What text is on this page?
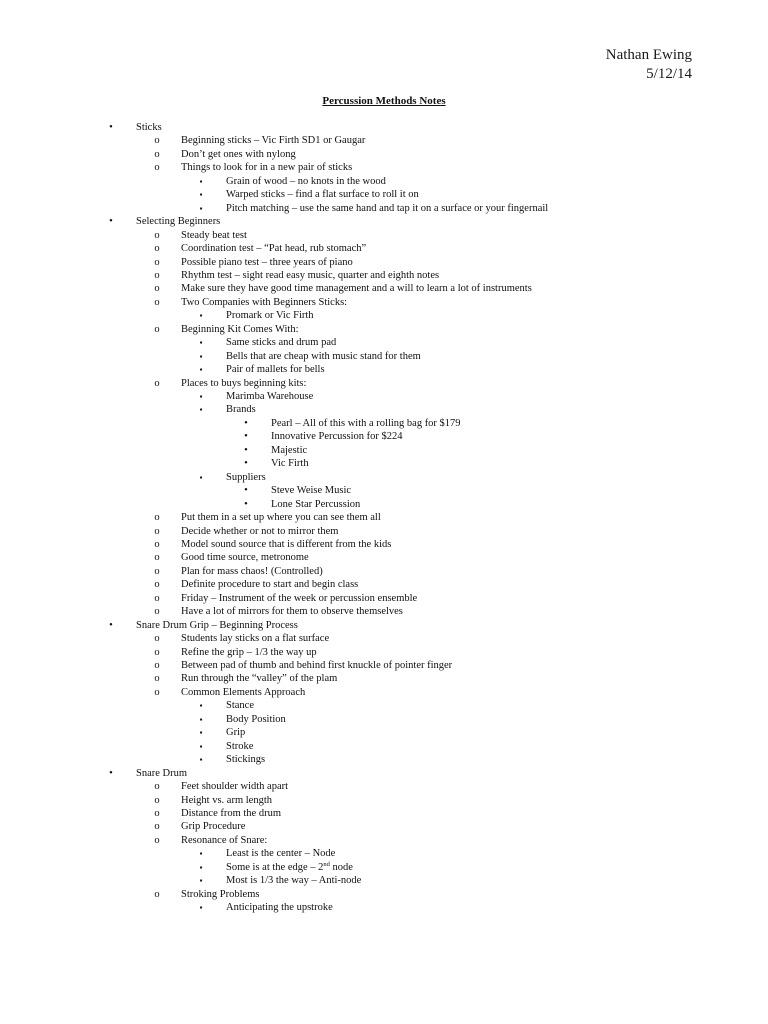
Nathan Ewing
5/12/14
Percussion Methods Notes
•	Sticks
o	Beginning sticks – Vic Firth SD1 or Gaugar
o	Don’t get ones with nylong
o	Things to look for in a new pair of sticks
▪	Grain of wood – no knots in the wood
▪	Warped sticks – find a flat surface to roll it on
▪	Pitch matching – use the same hand and tap it on a surface or your fingernail
•	Selecting Beginners
o	Steady beat test
o	Coordination test – “Pat head, rub stomach”
o	Possible piano test – three years of piano
o	Rhythm test – sight read easy music, quarter and eighth notes
o	Make sure they have good time management and a will to learn a lot of instruments
o	Two Companies with Beginners Sticks:
▪	Promark or Vic Firth
o	Beginning Kit Comes With:
▪	Same sticks and drum pad
▪	Bells that are cheap with music stand for them
▪	Pair of mallets for bells
o	Places to buys beginning kits:
▪	Marimba Warehouse
▪	Brands
•	Pearl – All of this with a rolling bag for $179
•	Innovative Percussion for $224
•	Majestic
•	Vic Firth
▪	Suppliers
•	Steve Weise Music
•	Lone Star Percussion
o	Put them in a set up where you can see them all
o	Decide whether or not to mirror them
o	Model sound source that is different from the kids
o	Good time source, metronome
o	Plan for mass chaos! (Controlled)
o	Definite procedure to start and begin class
o	Friday – Instrument of the week or percussion ensemble
o	Have a lot of mirrors for them to observe themselves
•	Snare Drum Grip – Beginning Process
o	Students lay sticks on a flat surface
o	Refine the grip – 1/3 the way up
o	Between pad of thumb and behind first knuckle of pointer finger
o	Run through the “valley” of the plam
o	Common Elements Approach
▪	Stance
▪	Body Position
▪	Grip
▪	Stroke
▪	Stickings
•	Snare Drum
o	Feet shoulder width apart
o	Height vs. arm length
o	Distance from the drum
o	Grip Procedure
o	Resonance of Snare:
▪	Least is the center – Node
▪	Some is at the edge – 2nd node
▪	Most is 1/3 the way – Anti-node
o	Stroking Problems
▪	Anticipating the upstroke
